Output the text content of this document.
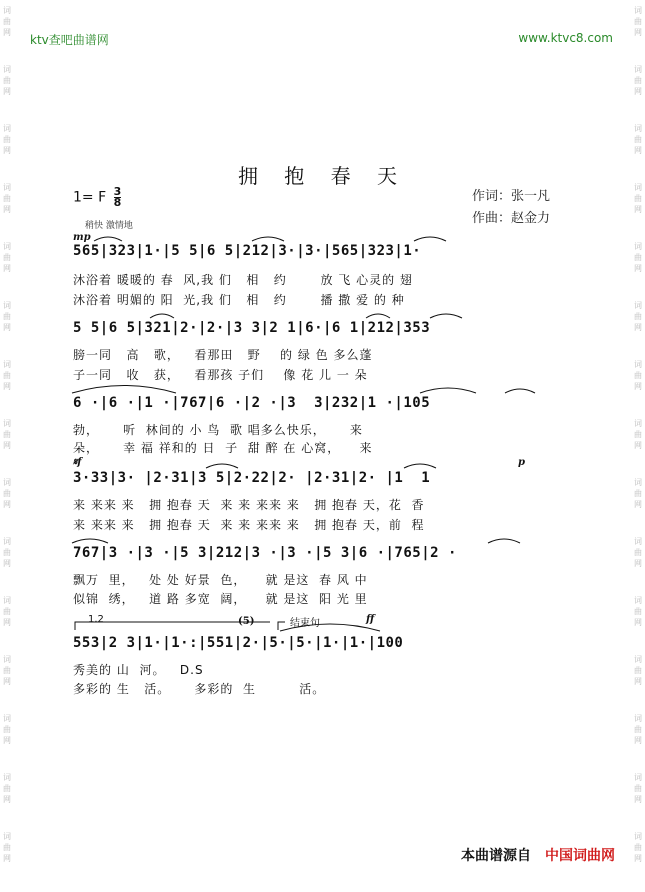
词
曲
网
词
曲
网
词
曲
网
词
曲
网
词
曲
网
词
曲
网
词
曲
网
词
曲
网
词
曲
网
词
曲
网
词
曲
网
词
曲
网
词
曲
网
词
曲
网
词
曲
网
词
曲
网
词
曲
网
词
曲
网
词
曲
网
词
曲
网
词
曲
网
词
曲
网
词
曲
网
词
曲
网
词
曲
网
词
曲
网
词
曲
网
词
曲
网
词
曲
网
词
曲
网
ktv查吧曲谱网	www.ktvc8.com
拥 抱 春 天
1= F $\frac{3}{8}$
稍快 激情地
作词：张一凡
作曲：赵金力
mp
𝄋f	p
ff
1.2	结束句
(5)
565|323|1·|5 5|6 5|212|3·|3·|565|323|1·
沐浴着 暖暖的 春  风,我 们   相   约       放 飞 心灵的 翅
沐浴着 明媚的 阳  光,我 们   相   约       播 撒 爱 的 种
5 5|6 5|321|2·|2·|3 3|2 1|6·|6 1|212|353
膀一同   高   歌，   看那田   野    的 绿 色 多么蓬
子一同   收   获，   看那孩 子们    像 花 儿 一 朵
6 ·|6 ·|1 ·|767|6 ·|2 ·|3  3|232|1 ·|105
勃，     听  林间的 小 鸟  歌 唱多么快乐，     来
朵，     幸 福 祥和的 日  子  甜 醉 在 心窝，    来
3·33|3· |2·31|3 5|2·22|2· |2·31|2· |1  1
来 来来 来   拥 抱春 天  来 来 来来 来   拥 抱春 天，花  香
来 来来 来   拥 抱春 天  来 来 来来 来   拥 抱春 天，前  程
767|3 ·|3 ·|5 3|212|3 ·|3 ·|5 3|6 ·|765|2 ·
飘万  里，   处 处 好景  色，    就 是这  春 风 中
似锦  绣，   道 路 多宽  阔，    就 是这  阳 光 里
553|2 3|1·|1·:|551|2·|5·|5·|1·|1·|100
秀美的 山  河。   D.S
多彩的 生   活。     多彩的  生         活。
本曲谱源自 中国词曲网
